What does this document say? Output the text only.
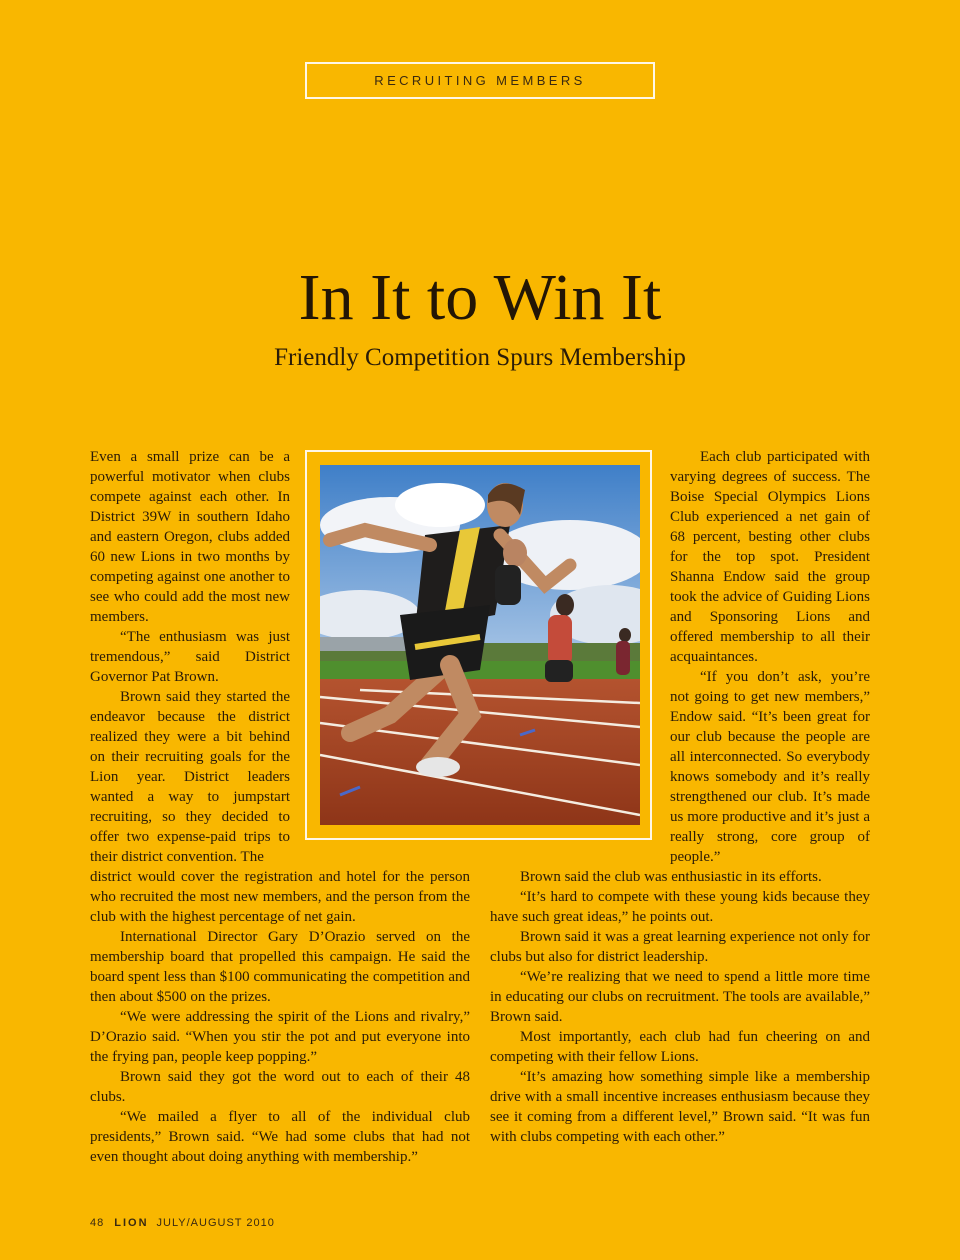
RECRUITING MEMBERS
In It to Win It
Friendly Competition Spurs Membership

Even a small prize can be a powerful motivator when clubs compete against each other. In District 39W in southern Idaho and eastern Oregon, clubs added 60 new Lions in two months by competing against one another to see who could add the most new members.

“The enthusiasm was just tremendous,” said District Governor Pat Brown.

Brown said they started the endeavor because the district realized they were a bit behind on their recruiting goals for the Lion year. District leaders wanted a way to jumpstart recruiting, so they decided to offer two expense-paid trips to their district convention. The

district would cover the registration and hotel for the person who recruited the most new members, and the person from the club with the highest percentage of net gain.

International Director Gary D’Orazio served on the membership board that propelled this campaign. He said the board spent less than $100 communicating the competition and then about $500 on the prizes.

“We were addressing the spirit of the Lions and rivalry,” D’Orazio said. “When you stir the pot and put everyone into the frying pan, people keep popping.”

Brown said they got the word out to each of their 48 clubs.

“We mailed a flyer to all of the individual club presidents,” Brown said. “We had some clubs that had not even thought about doing anything with membership.”

Each club participated with varying degrees of success. The Boise Special Olympics Lions Club experienced a net gain of 68 percent, besting other clubs for the top spot. President Shanna Endow said the group took the advice of Guiding Lions and Sponsoring Lions and offered membership to all their acquaintances.

“If you don’t ask, you’re not going to get new members,” Endow said. “It’s been great for our club because the people are all interconnected. So everybody knows somebody and it’s really strengthened our club. It’s made us more productive and it’s just a really strong, core group of people.”

Brown said the club was enthusiastic in its efforts.

“It’s hard to compete with these young kids because they have such great ideas,” he points out.

Brown said it was a great learning experience not only for clubs but also for district leadership.

“We’re realizing that we need to spend a little more time in educating our clubs on recruitment. The tools are available,” Brown said.

Most importantly, each club had fun cheering on and competing with their fellow Lions.

“It’s amazing how something simple like a membership drive with a small incentive increases enthusiasm because they see it coming from a different level,” Brown said. “It was fun with clubs competing with each other.”

48 LION JULY/AUGUST 2010
